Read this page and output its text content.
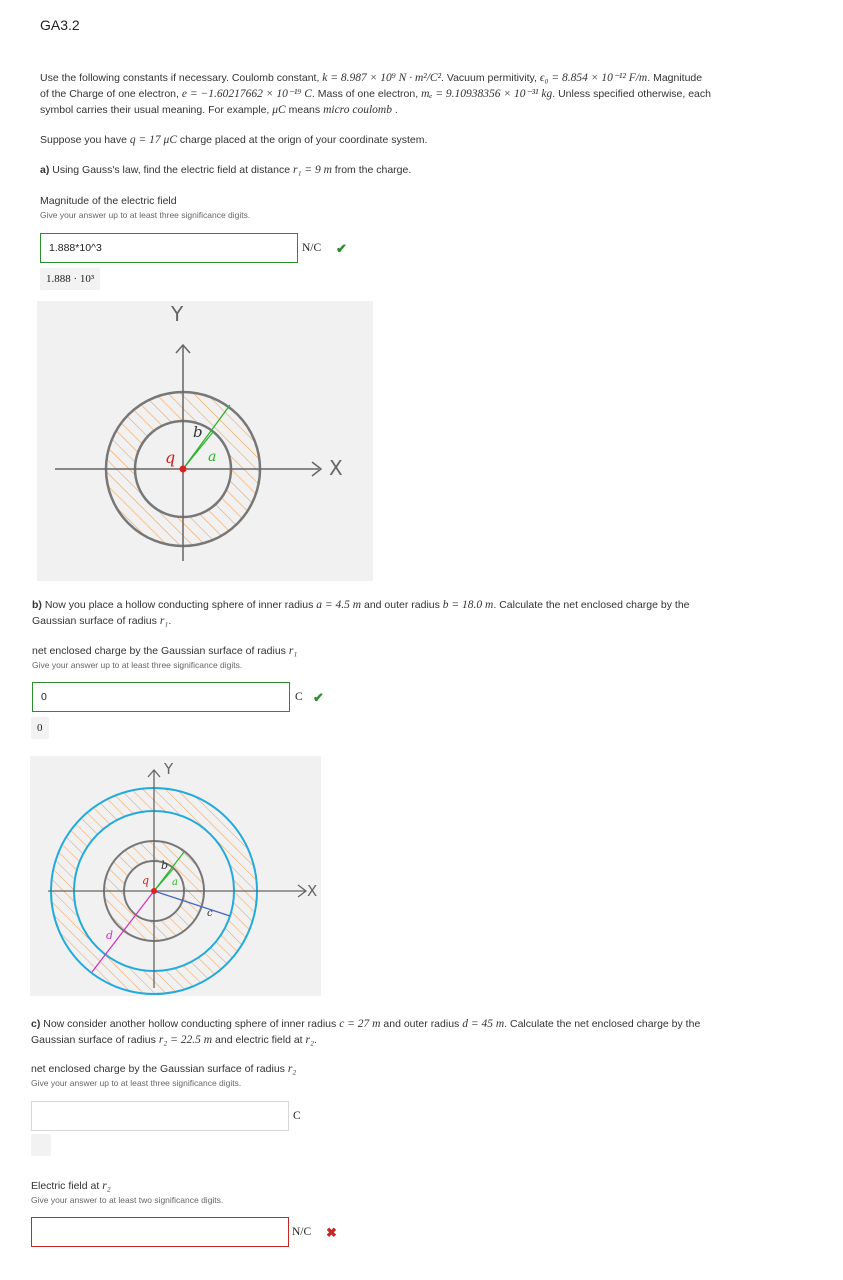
GA3.2
Use the following constants if necessary. Coulomb constant, k = 8.987 × 10⁹ N · m²/C². Vacuum permitivity, ϵ₀ = 8.854 × 10⁻¹² F/m. Magnitude
of the Charge of one electron, e = −1.60217662 × 10⁻¹⁹ C. Mass of one electron, mₑ = 9.10938356 × 10⁻³¹ kg. Unless specified otherwise, each
symbol carries their usual meaning. For example, μC means micro coulomb .
Suppose you have q = 17 μC charge placed at the orign of your coordinate system.
a) Using Gauss's law, find the electric field at distance r₁ = 9 m from the charge.
Magnitude of the electric field
Give your answer up to at least three significance digits.
1.888*10^3	N/C ✔
1.888 · 10³
Y
X
q
b
a
b) Now you place a hollow conducting sphere of inner radius a = 4.5 m and outer radius b = 18.0 m. Calculate the net enclosed charge by the
Gaussian surface of radius r₁.
net enclosed charge by the Gaussian surface of radius r₁
Give your answer up to at least three significance digits.
0	C ✔
0
Y
X
q
b
a
c
d
c) Now consider another hollow conducting sphere of inner radius c = 27 m and outer radius d = 45 m. Calculate the net enclosed charge by the
Gaussian surface of radius r₂ = 22.5 m and electric field at r₂.
net enclosed charge by the Gaussian surface of radius r₂
Give your answer up to at least three significance digits.
C
Electric field at r₂
Give your answer to at least two significance digits.
N/C ✖
